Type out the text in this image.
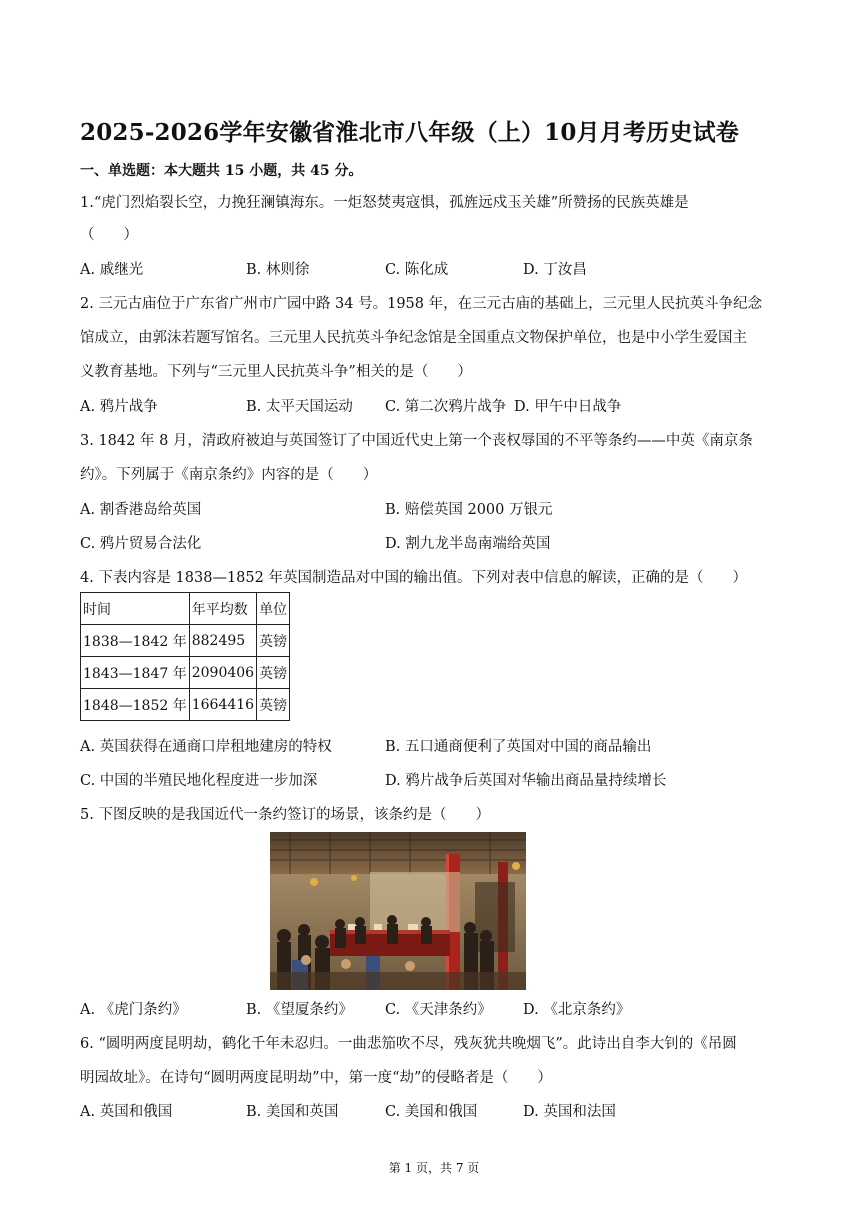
2025-2026学年安徽省淮北市八年级（上）10月月考历史试卷
一、单选题：本大题共 15 小题，共 45 分。
1.“虎门烈焰裂长空，力挽狂澜镇海东。一炬怒焚夷寇惧，孤旌远戍玉关雄”所赞扬的民族英雄是
（　　）
A. 戚继光	B. 林则徐	C. 陈化成	D. 丁汝昌
2. 三元古庙位于广东省广州市广园中路 34 号。1958 年，在三元古庙的基础上，三元里人民抗英斗争纪念
馆成立，由郭沫若题写馆名。三元里人民抗英斗争纪念馆是全国重点文物保护单位，也是中小学生爱国主
义教育基地。下列与“三元里人民抗英斗争”相关的是（　　）
A. 鸦片战争	B. 太平天国运动 C. 第二次鸦片战争 D. 甲午中日战争
3. 1842 年 8 月，清政府被迫与英国签订了中国近代史上第一个丧权辱国的不平等条约——中英《南京条
约》。下列属于《南京条约》内容的是（　　）
A. 割香港岛给英国	B. 赔偿英国 2000 万银元
C. 鸦片贸易合法化	D. 割九龙半岛南端给英国
4. 下表内容是 1838—1852 年英国制造品对中国的输出值。下列对表中信息的解读，正确的是（　　）
时间	年平均数	单位
1838—1842 年	882495	英镑
1843—1847 年	2090406	英镑
1848—1852 年	1664416	英镑
A. 英国获得在通商口岸租地建房的特权	B. 五口通商便利了英国对中国的商品输出
C. 中国的半殖民地化程度进一步加深	D. 鸦片战争后英国对华输出商品量持续增长
5. 下图反映的是我国近代一条约签订的场景，该条约是（　　）
A. 《虎门条约》	B. 《望厦条约》 C. 《天津条约》 D. 《北京条约》
6. “圆明两度昆明劫，鹤化千年未忍归。一曲悲笳吹不尽，残灰犹共晚烟飞”。此诗出自李大钊的《吊圆
明园故址》。在诗句“圆明两度昆明劫”中，第一度“劫”的侵略者是（　　）
A. 英国和俄国	B. 美国和英国	C. 美国和俄国	D. 英国和法国
第 1 页，共 7 页
